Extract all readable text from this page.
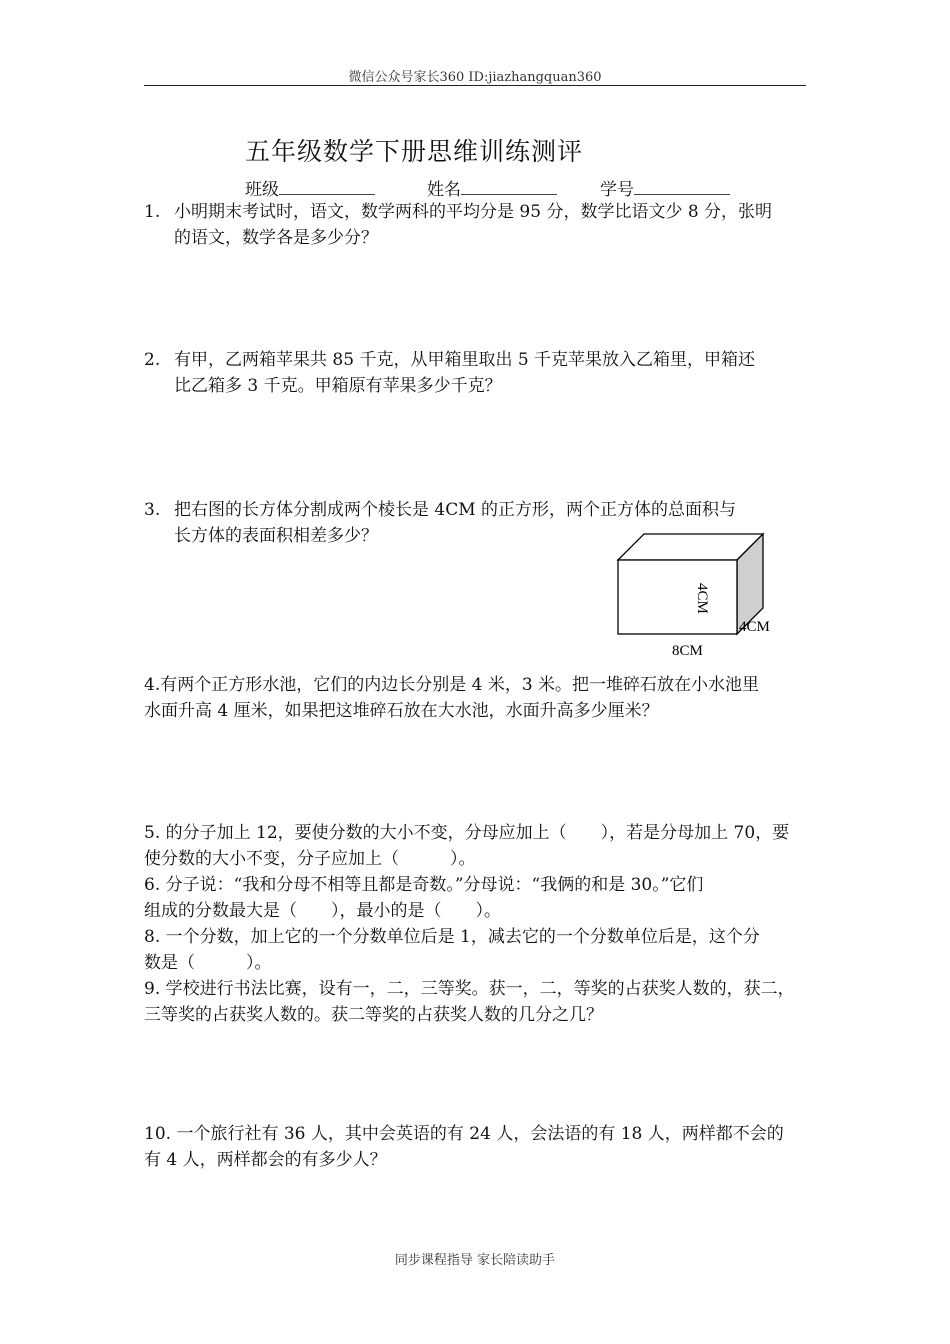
微信公众号家长360 ID:jiazhangquan360
五年级数学下册思维训练测评
班级	姓名	学号
1. 小明期末考试时，语文，数学两科的平均分是 95 分，数学比语文少 8 分，张明
的语文，数学各是多少分？
2. 有甲，乙两箱苹果共 85 千克，从甲箱里取出 5 千克苹果放入乙箱里，甲箱还
比乙箱多 3 千克。甲箱原有苹果多少千克？
3. 把右图的长方体分割成两个棱长是 4CM 的正方形，两个正方体的总面积与
长方体的表面积相差多少？
4CM
4CM
8CM
4.有两个正方形水池，它们的内边长分别是 4 米，3 米。把一堆碎石放在小水池里
水面升高 4 厘米，如果把这堆碎石放在大水池，水面升高多少厘米？
5. 的分子加上 12，要使分数的大小不变，分母应加上（　　），若是分母加上 70，要
使分数的大小不变，分子应加上（　　　）。
6. 分子说：“我和分母不相等且都是奇数。”分母说：“我俩的和是 30。”它们
组成的分数最大是（　　），最小的是（　　）。
8. 一个分数，加上它的一个分数单位后是 1，减去它的一个分数单位后是，这个分
数是（　　　）。
9. 学校进行书法比赛，设有一，二，三等奖。获一，二，等奖的占获奖人数的，获二，
三等奖的占获奖人数的。获二等奖的占获奖人数的几分之几？
10. 一个旅行社有 36 人，其中会英语的有 24 人，会法语的有 18 人，两样都不会的
有 4 人，两样都会的有多少人？
同步课程指导 家长陪读助手
